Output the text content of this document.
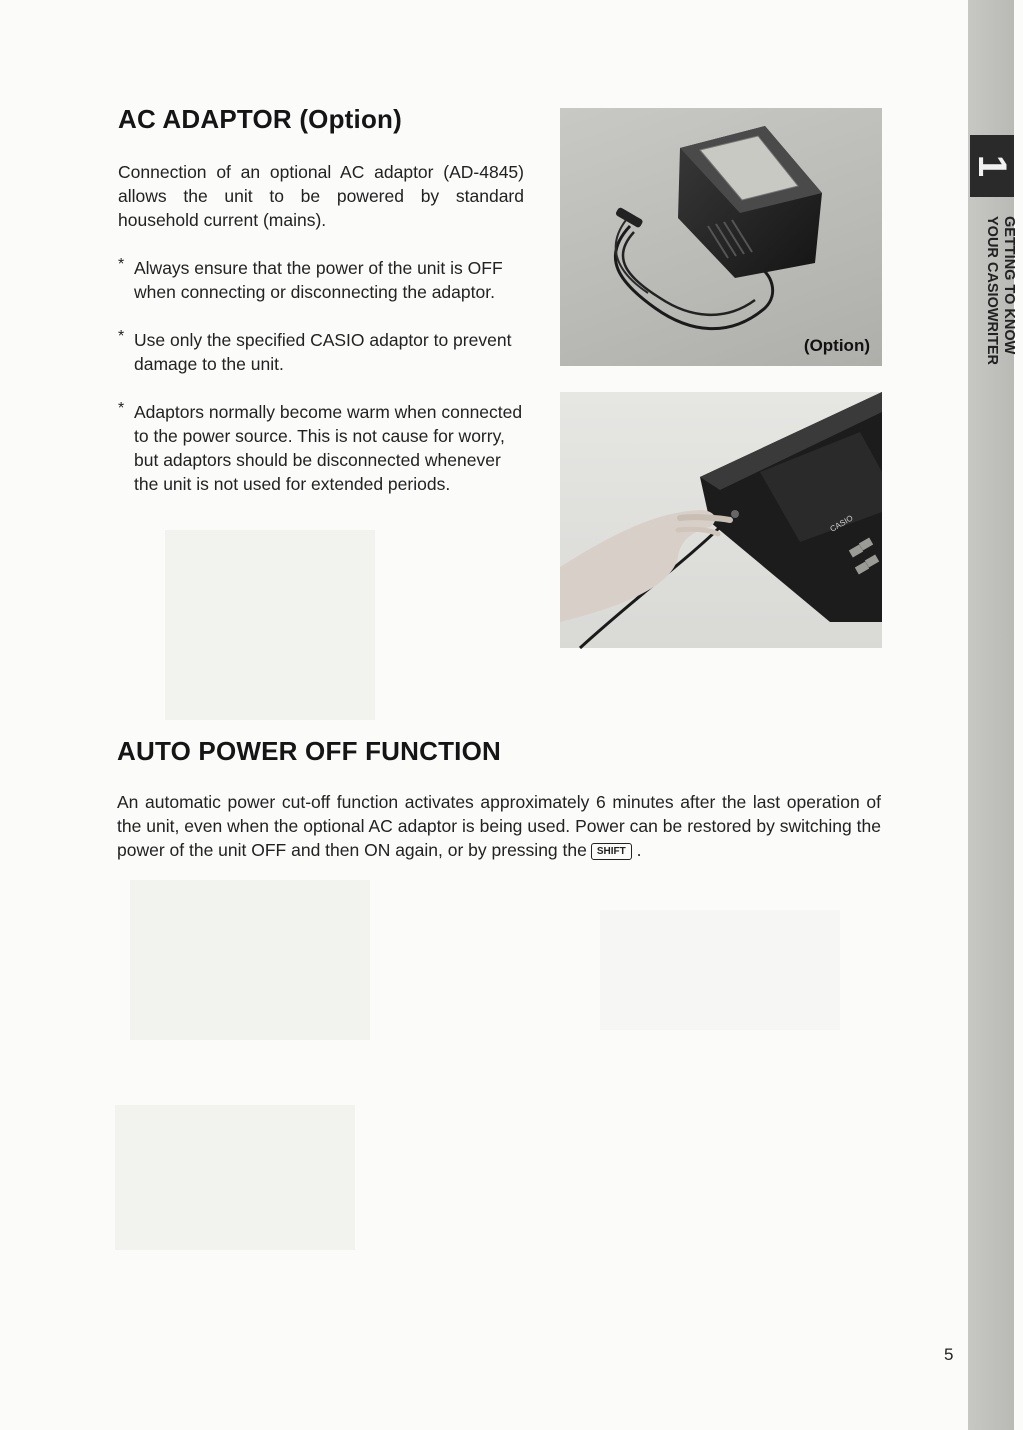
AC ADAPTOR (Option)

Connection of an optional AC adaptor (AD-4845) allows the unit to be powered by standard household current (mains).

* Always ensure that the power of the unit is OFF when connecting or disconnecting the adaptor.
* Use only the specified CASIO adaptor to prevent damage to the unit.
* Adaptors normally become warm when connected to the power source. This is not cause for worry, but adaptors should be disconnected whenever the unit is not used for extended periods.
(Option)
CASIO
AUTO POWER OFF FUNCTION

An automatic power cut-off function activates approximately 6 minutes after the last operation of the unit, even when the optional AC adaptor is being used. Power can be restored by switching the power of the unit OFF and then ON again, or by pressing the SHIFT .

1
GETTING TO KNOW
YOUR CASIOWRITER
5
